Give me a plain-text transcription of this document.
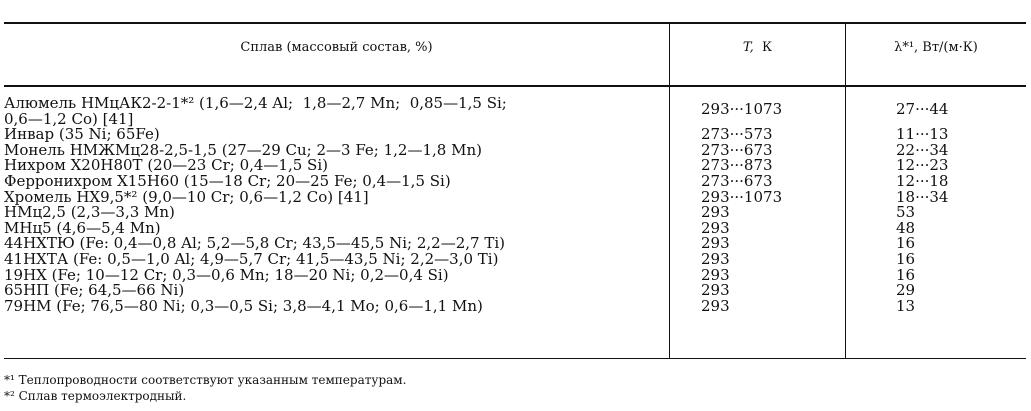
Сплав (массовый состав, %)	T, К	λ*¹, Вт/(м·К)
Алюмель НМцАК2-2-1*² (1,6—2,4 Al;  1,8—2,7 Mn;  0,85—1,5 Si;
0,6—1,2 Co) [41]
293···1073	27···44
Инвар (35 Ni; 65Fe)	273···573	11···13
Монель НМЖМц28-2,5-1,5 (27—29 Cu; 2—3 Fe; 1,2—1,8 Mn)	273···673	22···34
Нихром Х20Н80Т (20—23 Cr; 0,4—1,5 Si)	273···873	12···23
Ферронихром Х15Н60 (15—18 Cr; 20—25 Fe; 0,4—1,5 Si)	273···673	12···18
Хромель НХ9,5*² (9,0—10 Cr; 0,6—1,2 Co) [41]	293···1073	18···34
НМц2,5 (2,3—3,3 Mn)	293	53
МНц5 (4,6—5,4 Mn)	293	48
44НХТЮ (Fe: 0,4—0,8 Al; 5,2—5,8 Cr; 43,5—45,5 Ni; 2,2—2,7 Ti)	293	16
41НХТА (Fe: 0,5—1,0 Al; 4,9—5,7 Cr; 41,5—43,5 Ni; 2,2—3,0 Ti)	293	16
19НХ (Fe; 10—12 Cr; 0,3—0,6 Mn; 18—20 Ni; 0,2—0,4 Si)	293	16
65НП (Fe; 64,5—66 Ni)	293	29
79НМ (Fe; 76,5—80 Ni; 0,3—0,5 Si; 3,8—4,1 Mo; 0,6—1,1 Mn)	293	13
*¹ Теплопроводности соответствуют указанным температурам.
*² Сплав термоэлектродный.
